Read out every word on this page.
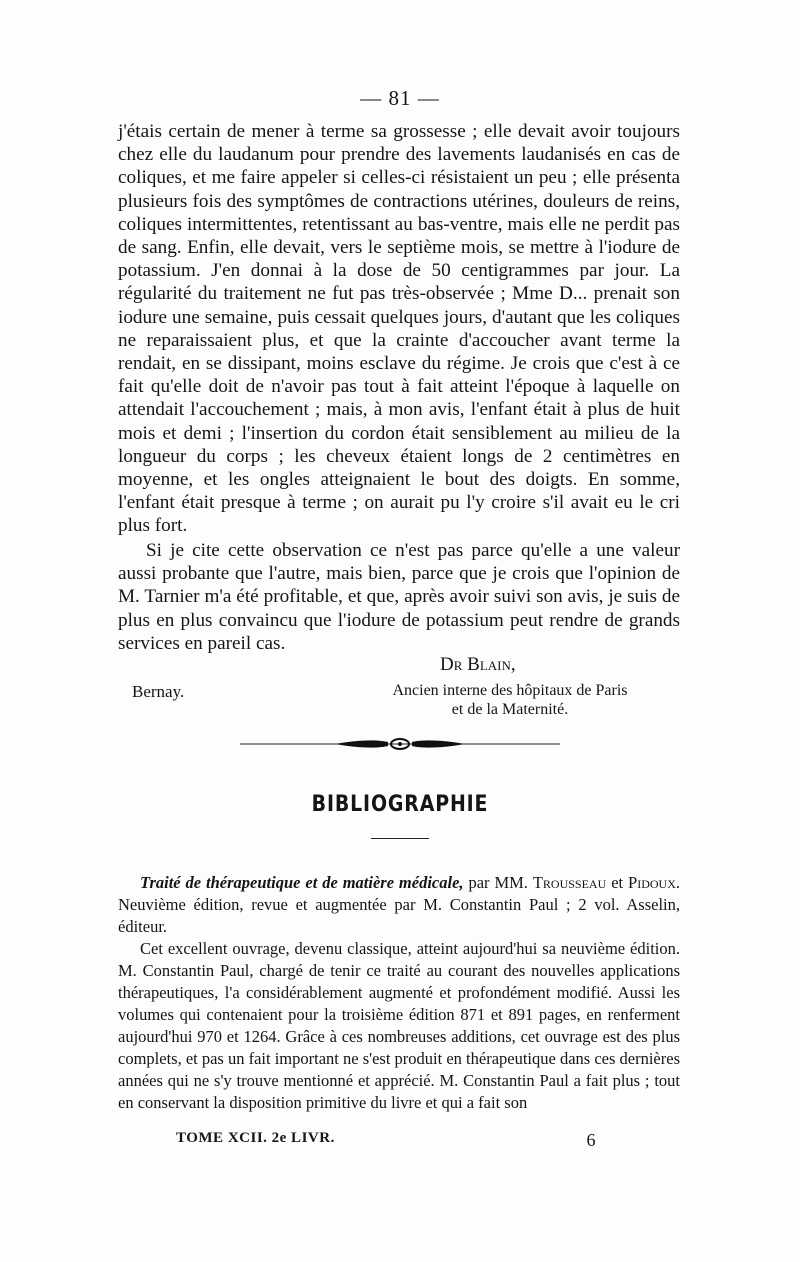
— 81 —

j'étais certain de mener à terme sa grossesse ; elle devait avoir toujours chez elle du laudanum pour prendre des lavements laudanisés en cas de coliques, et me faire appeler si celles-ci résistaient un peu ; elle présenta plusieurs fois des symptômes de contractions utérines, douleurs de reins, coliques intermittentes, retentissant au bas-ventre, mais elle ne perdit pas de sang. Enfin, elle devait, vers le septième mois, se mettre à l'iodure de potassium. J'en donnai à la dose de 50 centigrammes par jour. La régularité du traitement ne fut pas très-observée ; Mme D... prenait son iodure une semaine, puis cessait quelques jours, d'autant que les coliques ne reparaissaient plus, et que la crainte d'accoucher avant terme la rendait, en se dissipant, moins esclave du régime. Je crois que c'est à ce fait qu'elle doit de n'avoir pas tout à fait atteint l'époque à laquelle on attendait l'accouchement ; mais, à mon avis, l'enfant était à plus de huit mois et demi ; l'insertion du cordon était sensiblement au milieu de la longueur du corps ; les cheveux étaient longs de 2 centimètres en moyenne, et les ongles atteignaient le bout des doigts. En somme, l'enfant était presque à terme ; on aurait pu l'y croire s'il avait eu le cri plus fort.

Si je cite cette observation ce n'est pas parce qu'elle a une valeur aussi probante que l'autre, mais bien, parce que je crois que l'opinion de M. Tarnier m'a été profitable, et que, après avoir suivi son avis, je suis de plus en plus convaincu que l'iodure de potassium peut rendre de grands services en pareil cas.

Dr Blain,
Bernay.	Ancien interne des hôpitaux de Paris
et de la Maternité.
BIBLIOGRAPHIE

Traité de thérapeutique et de matière médicale, par MM. Trousseau et Pidoux. Neuvième édition, revue et augmentée par M. Constantin Paul ; 2 vol. Asselin, éditeur.

Cet excellent ouvrage, devenu classique, atteint aujourd'hui sa neuvième édition. M. Constantin Paul, chargé de tenir ce traité au courant des nouvelles applications thérapeutiques, l'a considérablement augmenté et profondément modifié. Aussi les volumes qui contenaient pour la troisième édition 871 et 891 pages, en renferment aujourd'hui 970 et 1264. Grâce à ces nombreuses additions, cet ouvrage est des plus complets, et pas un fait important ne s'est produit en thérapeutique dans ces dernières années qui ne s'y trouve mentionné et apprécié. M. Constantin Paul a fait plus ; tout en conservant la disposition primitive du livre et qui a fait son

TOME XCII. 2e LIVR.	6
